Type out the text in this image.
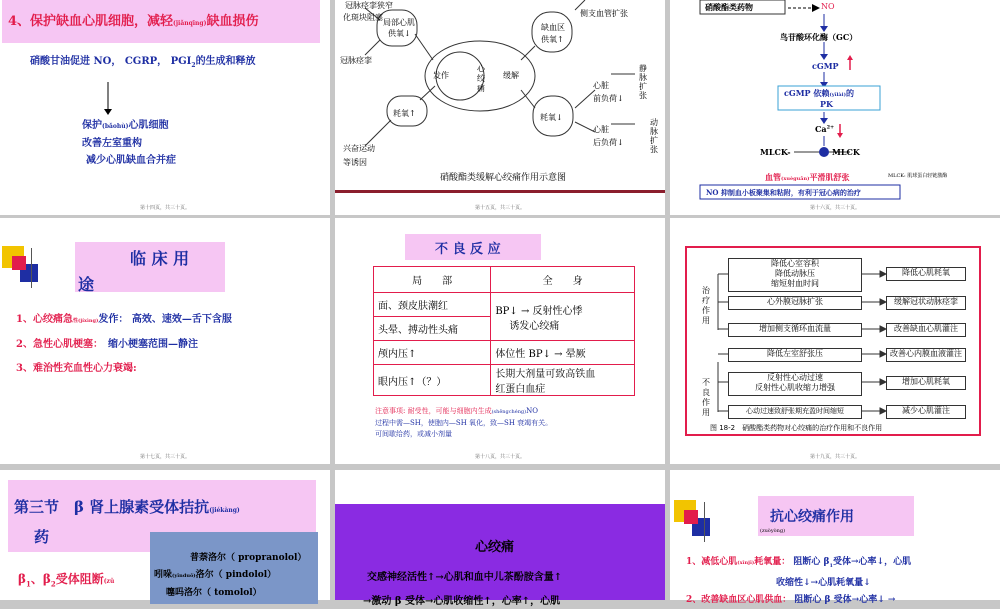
4、保护缺血心肌细胞，减轻(jiǎnqīng)缺血损伤
硝酸甘油促进 NO， CGRP， $PGI_2$的生成和释放
保护(bǎohù)心肌细胞
改善左室重构
减少心肌缺血合并症
第十四页，共三十页。
冠脉痉挛狭窄
化斑块阻塞
局部心肌
供氧↓
缺血区
供氧↑
侧支血管扩张
冠脉痉挛
发作
心
绞
痛
缓解
耗氧↑	耗氧↓
心脏
前负荷↓
心脏
后负荷↓
静脉扩张
动脉扩张
兴奋运动
等诱因
硝酸酯类缓解心绞痛作用示意图
第十五页，共三十页。
硝酸酯类药物	NO
鸟苷酸环化酶（GC）
cGMP
cGMP 依赖(yīlài)的
PK
$Ca^{2+}$
MLCK-	MLCK
血管(xuèguǎn)平滑肌舒张	MLCK: 肌球蛋白轻链激酶
NO 抑制血小板聚集和粘附，有利于冠心病的治疗
第十六页，共三十页。
临 床 用
途
1、心绞痛急性(jíxìng)发作： 高效、速效—舌下含服
2、急性心肌梗塞：　 缩小梗塞范围—静注
3、难治性充血性心力衰竭:
第十七页，共三十页。
不 良 反 应
局　　部	全　　身
面、颈皮肤潮红	BP↓ → 反射性心悸
诱发心绞痛

头晕、搏动性头痛	
颅内压↑	体位性 BP↓ → 晕厥
眼内压↑（？）	长期大剂量可致高铁血
红蛋白血症
注意事项: 耐受性，可能与细胞内生成(shēngchéng)NO
过程中需—SH，使胞内—SH 氧化，致—SH 衰竭有关。
可间歇给药，或减小剂量
第十八页，共三十页。
治
疗
作
用
不
良
作
用
降低心室容积
降低动脉压
缩短射血时间
心外膜冠脉扩张
增加侧支循环血流量
降低左室舒张压
反射性心动过速
反射性心肌收缩力增强
心动过速致舒张期充盈时间缩短
降低心肌耗氧
缓解冠状动脉痉挛
改善缺血心肌灌注
改善心内膜血液灌注
增加心肌耗氧
减少心肌灌注
图 18-2　硝酸酯类药物对心绞痛的治疗作用和不良作用
第十九页，共三十页。
第三节　β 肾上腺素受体拮抗(jiékàng)
药
$\beta_1$、$\beta_2$受体阻断(zǔ
普萘洛尔（ propranolol）
吲哚(yǐnduǒ)洛尔（ pindolol）
噻吗洛尔（ tomolol）
心绞痛
交感神经活性↑→心肌和血中儿茶酚胺含量↑
→激动 β 受体→心肌收缩性↑，心率↑，心肌
抗心绞痛作用
(zuòyòng)
1、减低心肌(xīnjī)耗氧量： 阻断心 $\beta_1$受体→心率↓，心肌
收缩性↓→心肌耗氧量↓
2、改善缺血区心肌供血： 阻断心 β 受体→心率↓ →
